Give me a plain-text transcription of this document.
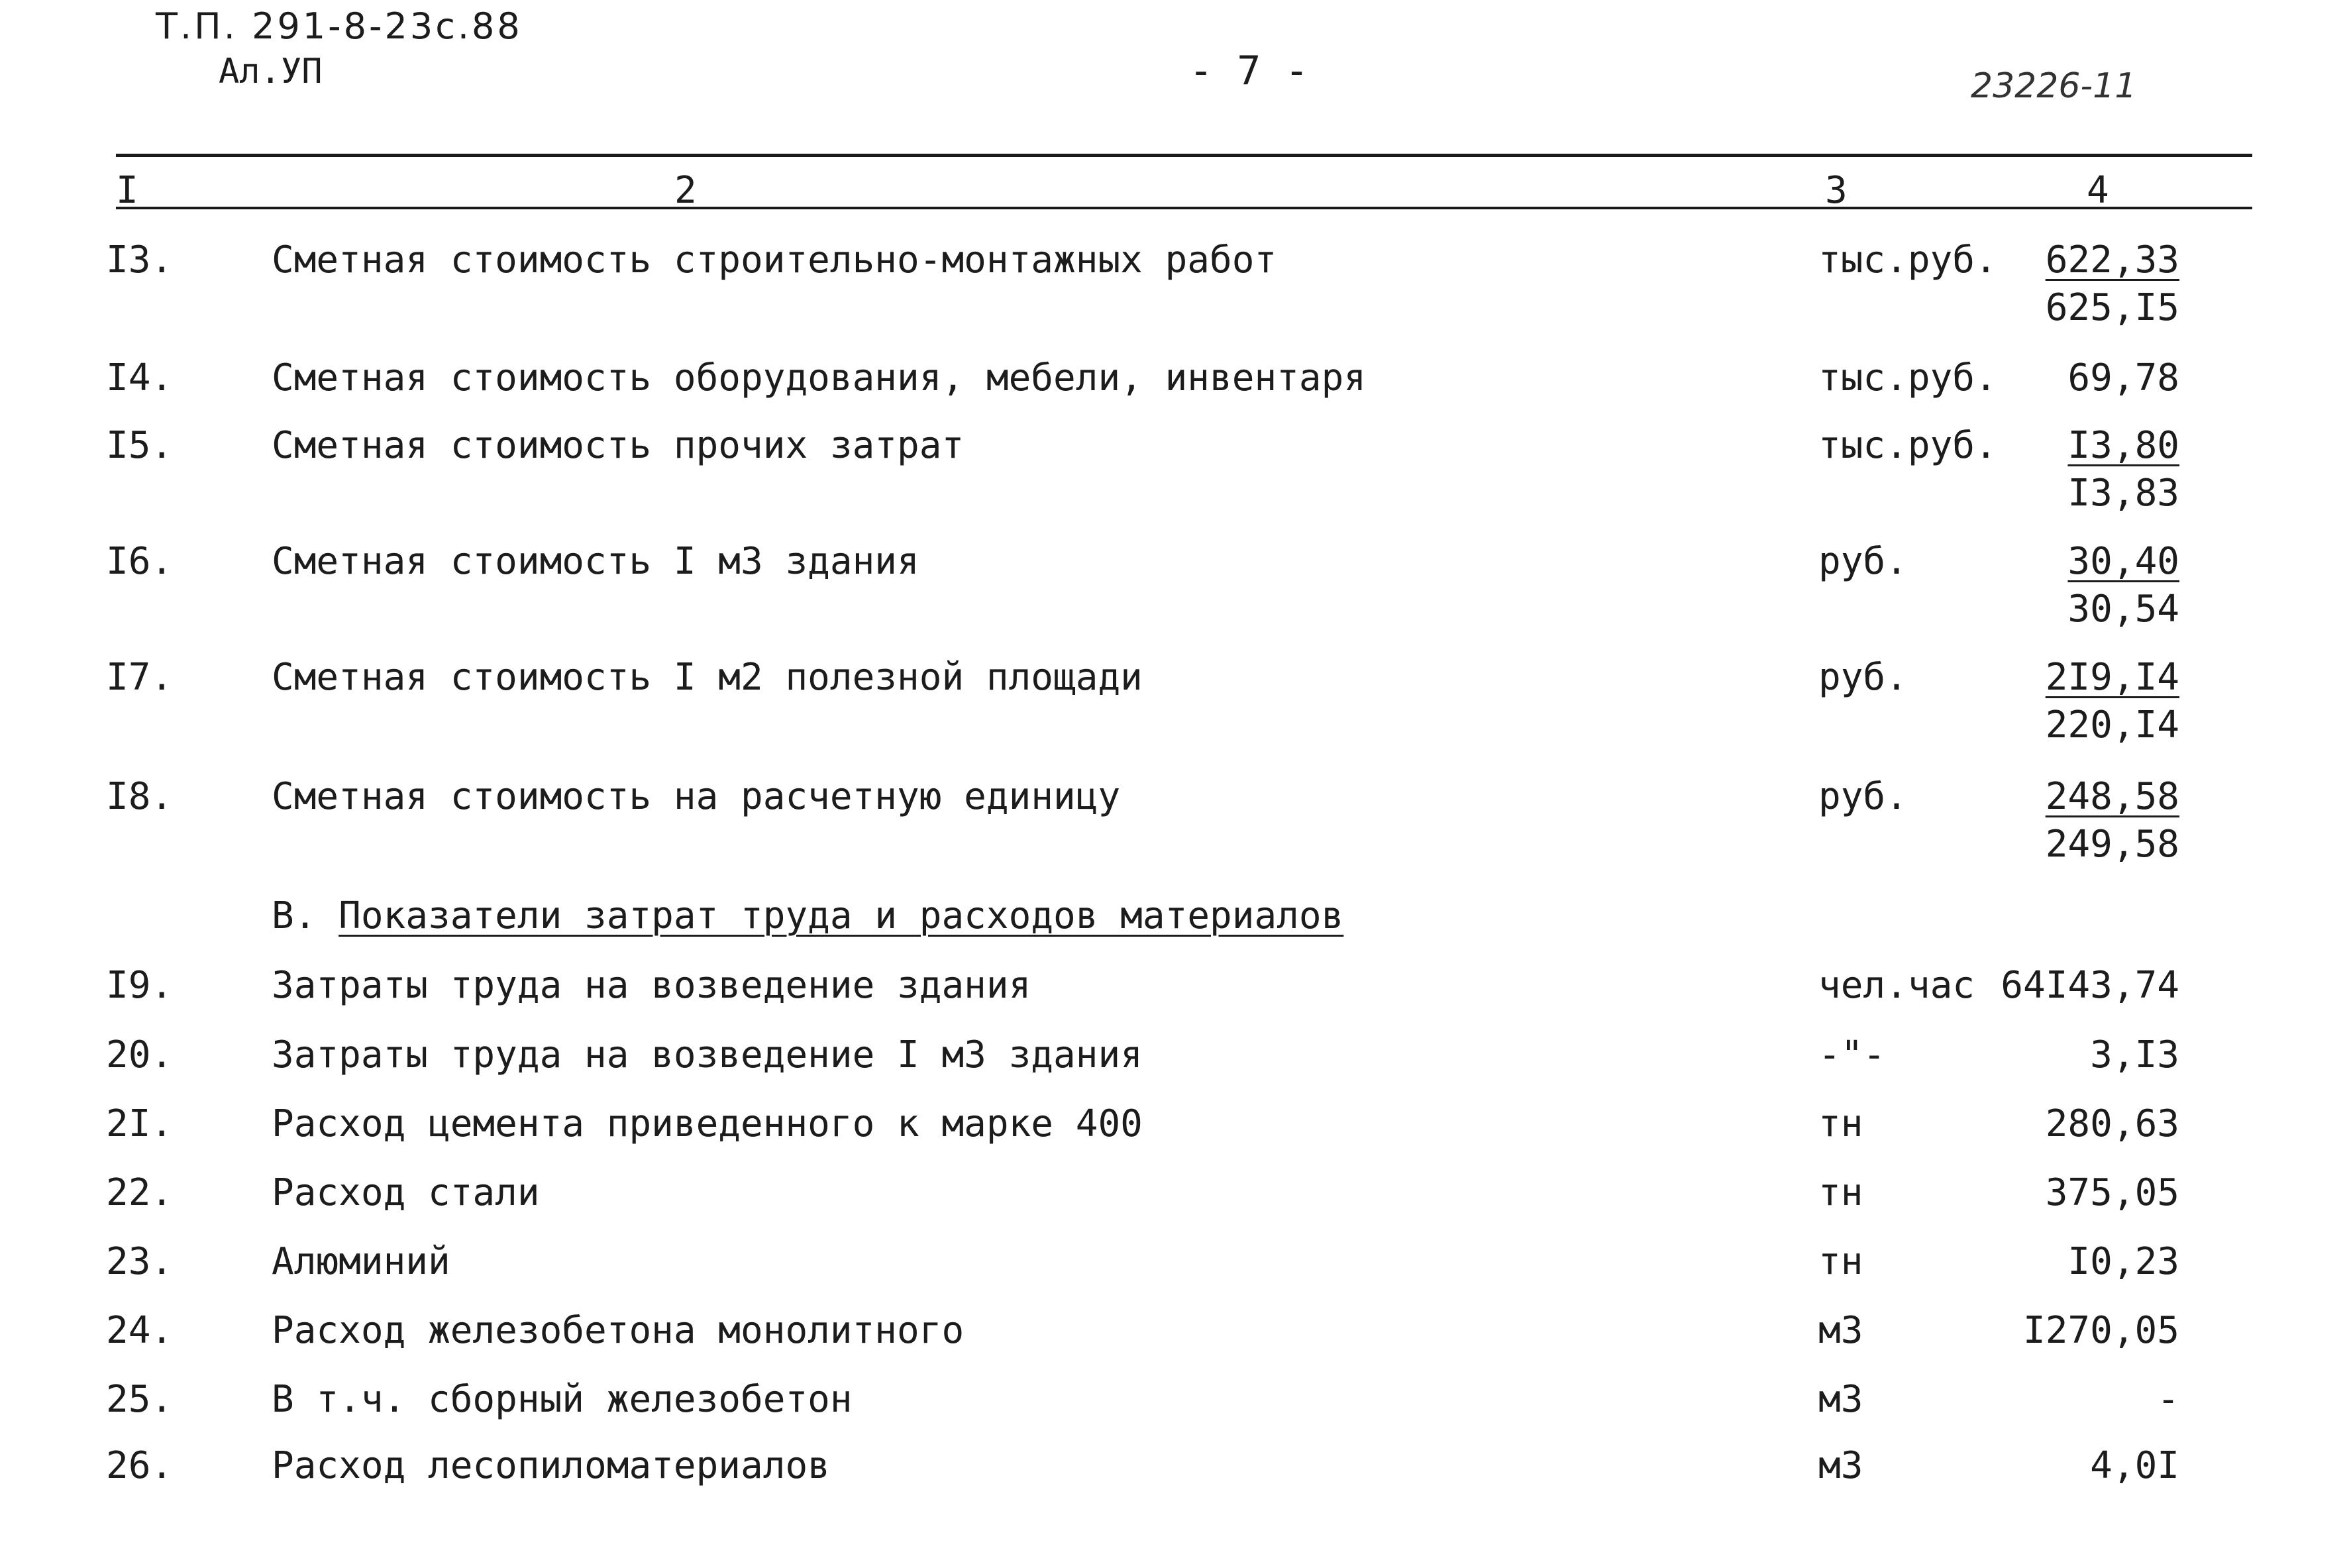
Т.П. 291-8-23с.88
Ал.УП	- 7 -	23226-11
I	2	3	4
I3.	Сметная стоимость строительно-монтажных работ	тыс.руб.	622,33
625,I5
I4.	Сметная стоимость оборудования, мебели, инвентаря	тыс.руб.	69,78
I5.	Сметная стоимость прочих затрат	тыс.руб.	I3,80
I3,83
I6.	Сметная стоимость I м3 здания	руб.	30,40
30,54
I7.	Сметная стоимость I м2 полезной площади	руб.	2I9,I4
220,I4
I8.	Сметная стоимость на расчетную единицу	руб.	248,58
249,58
В. Показатели затрат труда и расходов материалов
I9.	Затраты труда на возведение здания	чел.час 64I43,74
20.	Затраты труда на возведение I м3 здания	-"-	3,I3
2I.	Расход цемента приведенного к марке 400	тн	280,63
22.	Расход стали	тн	375,05
23.	Алюминий	тн	I0,23
24.	Расход железобетона монолитного	м3	I270,05
25.	В т.ч. сборный железобетон	м3	-
26.	Расход лесопиломатериалов	м3	4,0I
